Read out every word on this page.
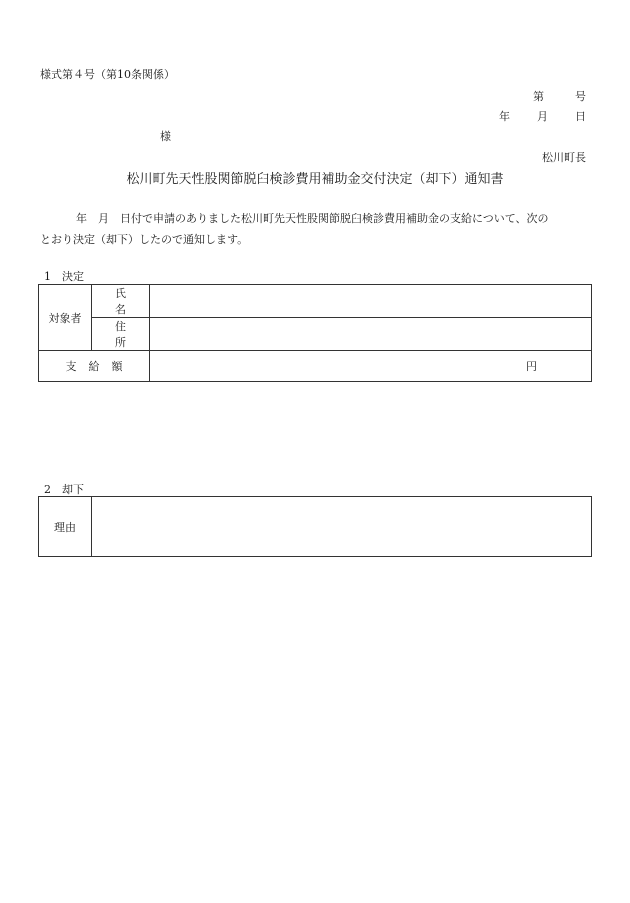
様式第４号（第10条関係）
第	号
年 月 日
様
松川町長
松川町先天性股関節脱臼検診費用補助金交付決定（却下）通知書
年　月　日付で申請のありました松川町先天性股関節脱臼検診費用補助金の支給について、次の
とおり決定（却下）したので通知します。
1　決定
対象者	氏名	
	住所	
支給額		円
2　却下
理由	
